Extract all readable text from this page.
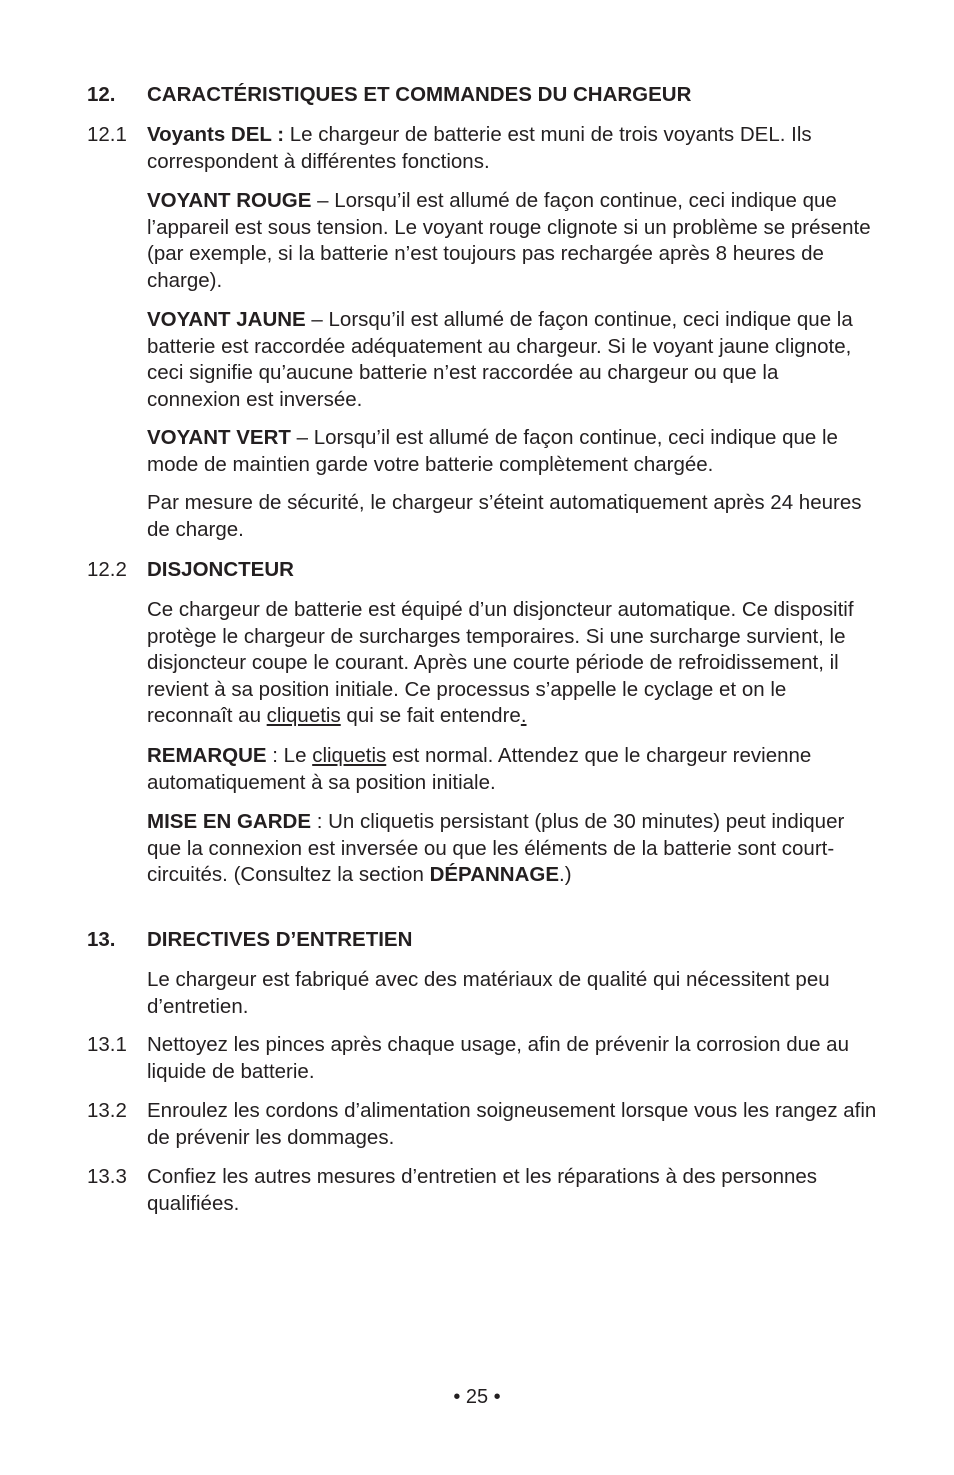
12. CARACTÉRISTIQUES ET COMMANDES DU CHARGEUR
12.1 Voyants DEL : Le chargeur de batterie est muni de trois voyants DEL. Ils correspondent à différentes fonctions.

VOYANT ROUGE – Lorsqu’il est allumé de façon continue, ceci indique que l’appareil est sous tension. Le voyant rouge clignote si un problème se présente (par exemple, si la batterie n’est toujours pas rechargée après 8 heures de charge).

VOYANT JAUNE – Lorsqu’il est allumé de façon continue, ceci indique que la batterie est raccordée adéquatement au chargeur. Si le voyant jaune clignote, ceci signifie qu’aucune batterie n’est raccordée au chargeur ou que la connexion est inversée.

VOYANT VERT – Lorsqu’il est allumé de façon continue, ceci indique que le mode de maintien garde votre batterie complètement chargée.

Par mesure de sécurité, le chargeur s’éteint automatiquement après 24 heures de charge.

12.2 DISJONCTEUR

Ce chargeur de batterie est équipé d’un disjoncteur automatique. Ce dispositif protège le chargeur de surcharges temporaires. Si une surcharge survient, le disjoncteur coupe le courant. Après une courte période de refroidissement, il revient à sa position initiale. Ce processus s’appelle le cyclage et on le reconnaît au cliquetis qui se fait entendre.

REMARQUE : Le cliquetis est normal. Attendez que le chargeur revienne automatiquement à sa position initiale.

MISE EN GARDE : Un cliquetis persistant (plus de 30 minutes) peut indiquer que la connexion est inversée ou que les éléments de la batterie sont court-circuités. (Consultez la section DÉPANNAGE.)

13. DIRECTIVES D’ENTRETIEN

Le chargeur est fabriqué avec des matériaux de qualité qui nécessitent peu d’entretien.

13.1 Nettoyez les pinces après chaque usage, afin de prévenir la corrosion due au liquide de batterie.

13.2 Enroulez les cordons d’alimentation soigneusement lorsque vous les rangez afin de prévenir les dommages.

13.3 Confiez les autres mesures d’entretien et les réparations à des personnes qualifiées.

• 25 •
